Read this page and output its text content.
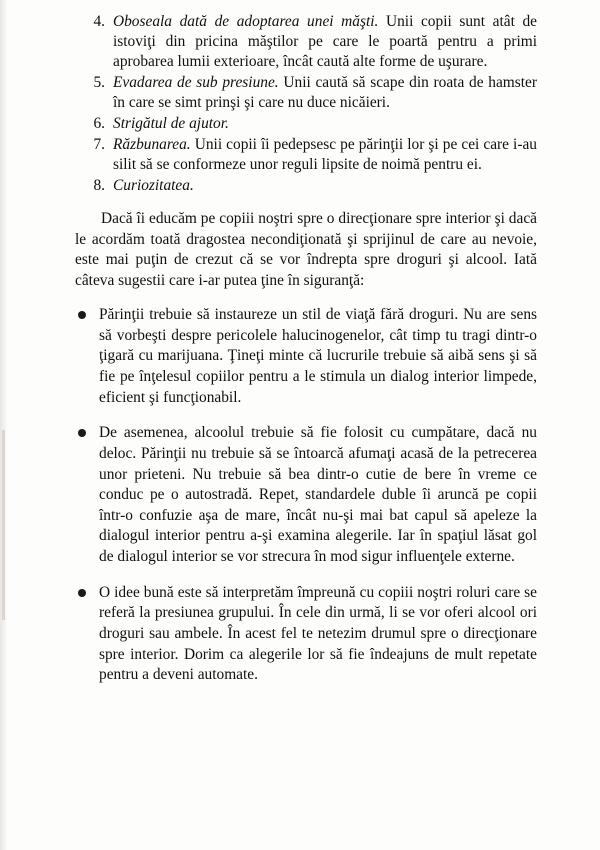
4. Oboseala dată de adoptarea unei măşti. Unii copii sunt atât de istoviţi din pricina măştilor pe care le poartă pentru a primi aprobarea lumii exterioare, încât caută alte forme de uşurare.
5. Evadarea de sub presiune. Unii caută să scape din roata de hamster în care se simt prinşi şi care nu duce nicăieri.
6. Strigătul de ajutor.
7. Răzbunarea. Unii copii îi pedepsesc pe părinţii lor şi pe cei care i-au silit să se conformeze unor reguli lipsite de noimă pentru ei.
8. Curiozitatea.

Dacă îi educăm pe copiii noştri spre o direcţionare spre interior şi dacă le acordăm toată dragostea necondiţionată şi sprijinul de care au nevoie, este mai puţin de crezut că se vor îndrepta spre droguri şi alcool. Iată câteva sugestii care i-ar putea ţine în siguranţă:

Părinţii trebuie să instaureze un stil de viaţă fără droguri. Nu are sens să vorbeşti despre pericolele halucinogenelor, cât timp tu tragi dintr-o ţigară cu marijuana. Ţineţi minte că lucrurile trebuie să aibă sens şi să fie pe înţelesul copiilor pentru a le stimula un dialog interior limpede, eficient şi funcţionabil.
De asemenea, alcoolul trebuie să fie folosit cu cumpătare, dacă nu deloc. Părinţii nu trebuie să se întoarcă afumaţi acasă de la petrecerea unor prieteni. Nu trebuie să bea dintr-o cutie de bere în vreme ce conduc pe o autostradă. Repet, standardele duble îi aruncă pe copii într-o confuzie aşa de mare, încât nu-şi mai bat capul să apeleze la dialogul interior pentru a-şi examina alegerile. Iar în spaţiul lăsat gol de dialogul interior se vor strecura în mod sigur influenţele externe.
O idee bună este să interpretăm împreună cu copiii noştri roluri care se referă la presiunea grupului. În cele din urmă, li se vor oferi alcool ori droguri sau ambele. În acest fel te netezim drumul spre o direcţionare spre interior. Dorim ca alegerile lor să fie îndeajuns de mult repetate pentru a deveni automate.
